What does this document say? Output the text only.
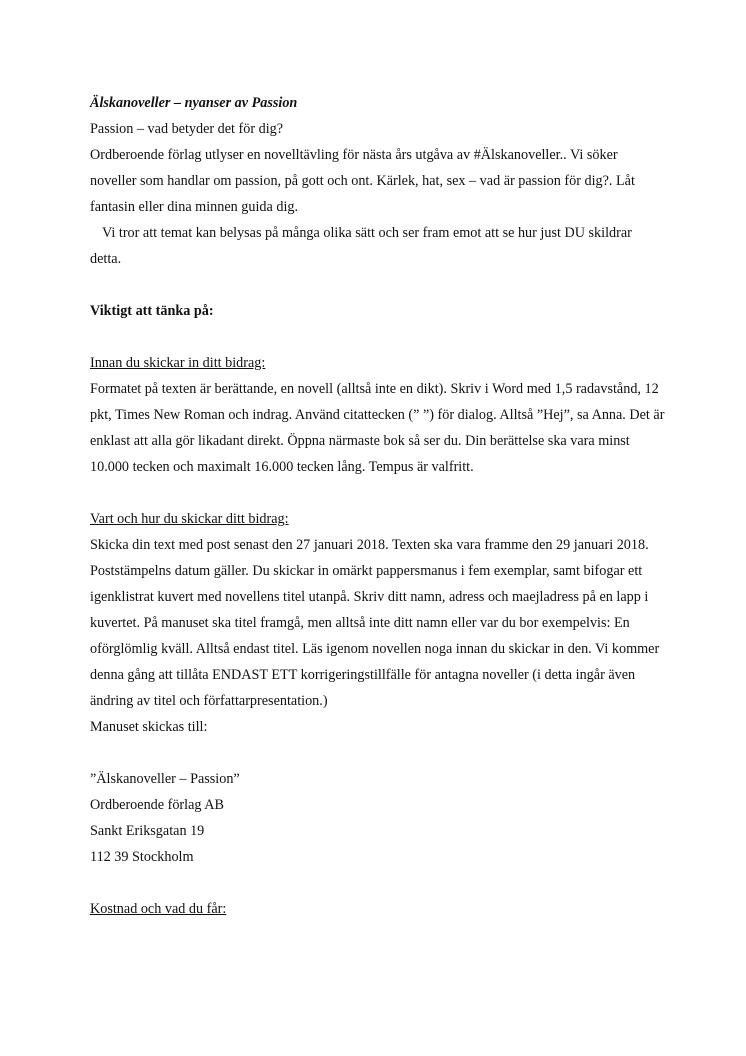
Älskanoveller – nyanser av Passion

Passion – vad betyder det för dig?

Ordberoende förlag utlyser en novelltävling för nästa års utgåva av #Älskanoveller.. Vi söker noveller som handlar om passion, på gott och ont. Kärlek, hat, sex – vad är passion för dig?. Låt fantasin eller dina minnen guida dig.

Vi tror att temat kan belysas på många olika sätt och ser fram emot att se hur just DU skildrar detta.

Viktigt att tänka på:

Innan du skickar in ditt bidrag:

Formatet på texten är berättande, en novell (alltså inte en dikt). Skriv i Word med 1,5 radavstånd, 12 pkt, Times New Roman och indrag. Använd citattecken (” ”) för dialog. Alltså ”Hej”, sa Anna. Det är enklast att alla gör likadant direkt. Öppna närmaste bok så ser du. Din berättelse ska vara minst 10.000 tecken och maximalt 16.000 tecken lång. Tempus är valfritt.

Vart och hur du skickar ditt bidrag:

Skicka din text med post senast den 27 januari 2018. Texten ska vara framme den 29 januari 2018. Poststämpelns datum gäller. Du skickar in omärkt pappersmanus i fem exemplar, samt bifogar ett igenklistrat kuvert med novellens titel utanpå. Skriv ditt namn, adress och maejladress på en lapp i kuvertet. På manuset ska titel framgå, men alltså inte ditt namn eller var du bor exempelvis: En oförglömlig kväll. Alltså endast titel. Läs igenom novellen noga innan du skickar in den. Vi kommer denna gång att tillåta ENDAST ETT korrigeringstillfälle för antagna noveller (i detta ingår även ändring av titel och författarpresentation.)

Manuset skickas till:

”Älskanoveller – Passion”

Ordberoende förlag AB

Sankt Eriksgatan 19

112 39 Stockholm

Kostnad och vad du får:
